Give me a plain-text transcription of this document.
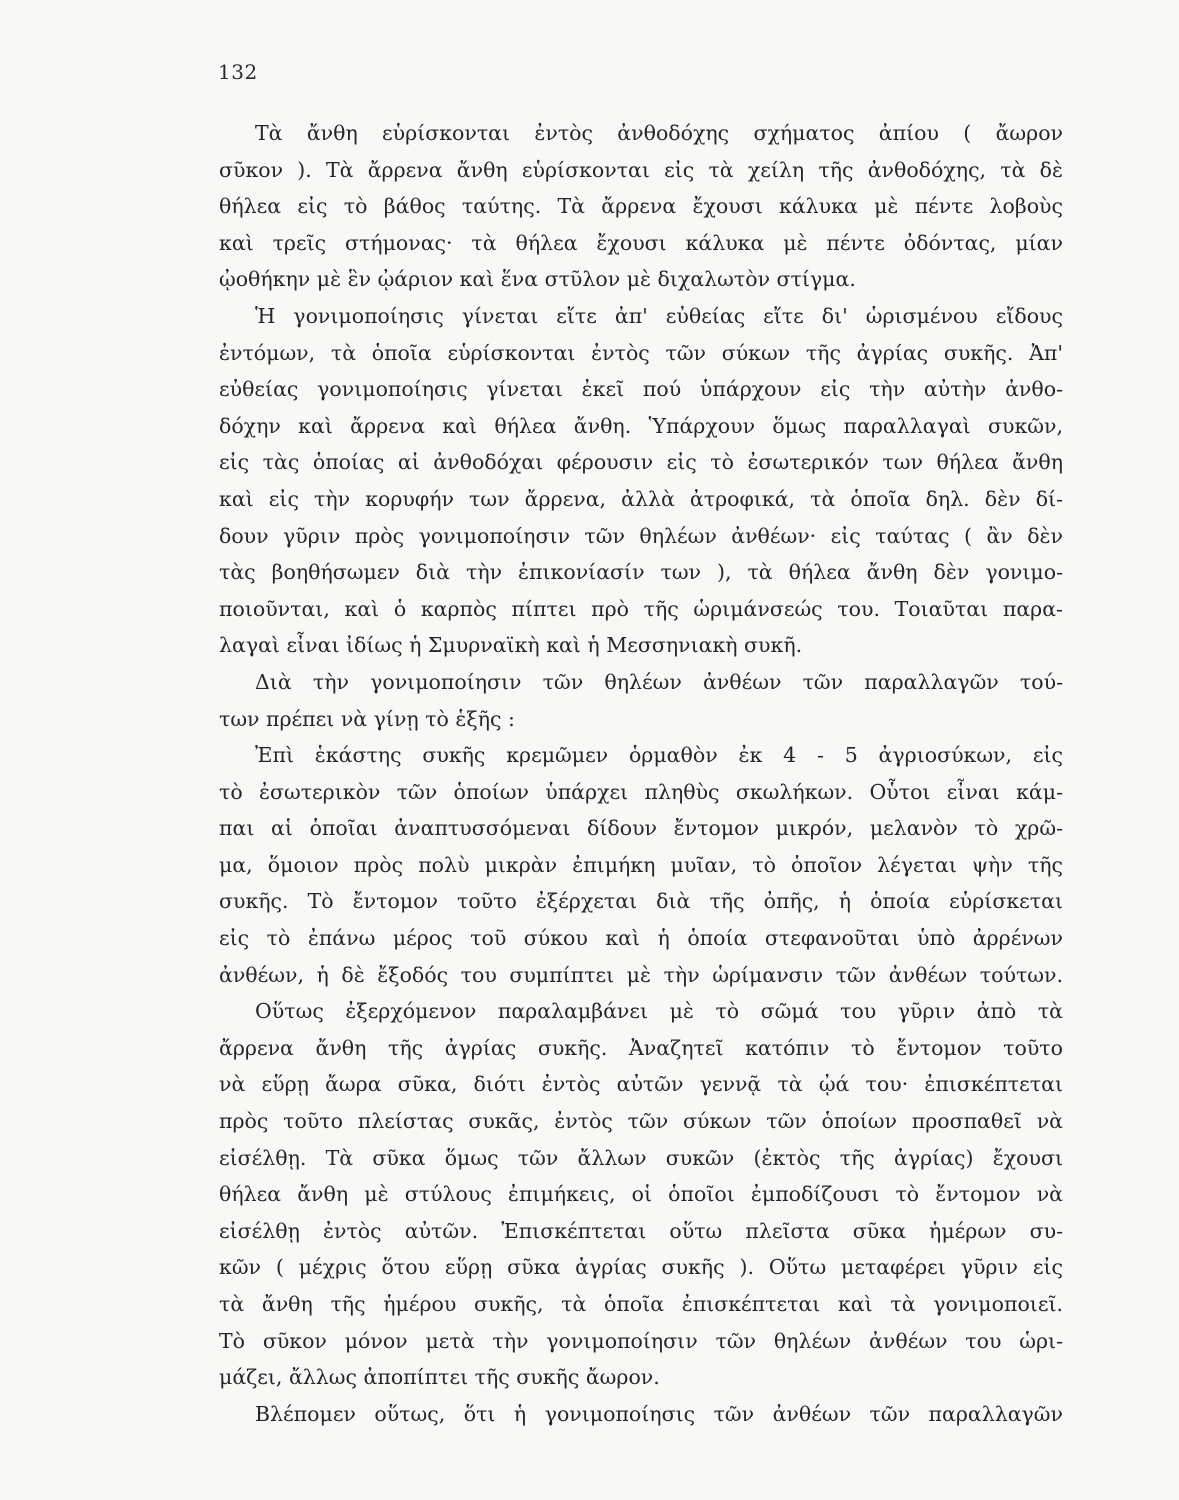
132

Τὰ ἄνθη εὑρίσκονται ἐντὸς ἀνθοδόχης σχήματος ἀπίου ( ἄωρον
σῦκον ). Τὰ ἄρρενα ἄνθη εὑρίσκονται εἰς τὰ χείλη τῆς ἀνθοδόχης, τὰ δὲ
θήλεα εἰς τὸ βάθος ταύτης. Τὰ ἄρρενα ἔχουσι κάλυκα μὲ πέντε λοβοὺς
καὶ τρεῖς στήμονας· τὰ θήλεα ἔχουσι κάλυκα μὲ πέντε ὀδόντας, μίαν
ᾠοθήκην μὲ ἓν ᾠάριον καὶ ἕνα στῦλον μὲ διχαλωτὸν στίγμα.

Ἡ γονιμοποίησις γίνεται εἴτε ἀπ' εὐθείας εἴτε δι' ὡρισμένου εἴδους
ἐντόμων, τὰ ὁποῖα εὑρίσκονται ἐντὸς τῶν σύκων τῆς ἀγρίας συκῆς. Ἀπ'
εὐθείας γονιμοποίησις γίνεται ἐκεῖ πού ὑπάρχουν εἰς τὴν αὐτὴν ἀνθο-
δόχην καὶ ἄρρενα καὶ θήλεα ἄνθη. Ὑπάρχουν ὅμως παραλλαγαὶ συκῶν,
εἰς τὰς ὁποίας αἱ ἀνθοδόχαι φέρουσιν εἰς τὸ ἐσωτερικόν των θήλεα ἄνθη
καὶ εἰς τὴν κορυφήν των ἄρρενα, ἀλλὰ ἀτροφικά, τὰ ὁποῖα δηλ. δὲν δί-
δουν γῦριν πρὸς γονιμοποίησιν τῶν θηλέων ἀνθέων· εἰς ταύτας ( ἂν δὲν
τὰς βοηθήσωμεν διὰ τὴν ἐπικονίασίν των ), τὰ θήλεα ἄνθη δὲν γονιμο-
ποιοῦνται, καὶ ὁ καρπὸς πίπτει πρὸ τῆς ὡριμάνσεώς του. Τοιαῦται παρα-
λαγαὶ εἶναι ἰδίως ἡ Σμυρναϊκὴ καὶ ἡ Μεσσηνιακὴ συκῆ.

Διὰ τὴν γονιμοποίησιν τῶν θηλέων ἀνθέων τῶν παραλλαγῶν τού-
των πρέπει νὰ γίνῃ τὸ ἑξῆς :

Ἐπὶ ἑκάστης συκῆς κρεμῶμεν ὁρμαθὸν ἐκ 4 - 5 ἀγριοσύκων, εἰς
τὸ ἐσωτερικὸν τῶν ὁποίων ὑπάρχει πληθὺς σκωλήκων. Οὗτοι εἶναι κάμ-
παι αἱ ὁποῖαι ἀναπτυσσόμεναι δίδουν ἔντομον μικρόν, μελανὸν τὸ χρῶ-
μα, ὅμοιον πρὸς πολὺ μικρὰν ἐπιμήκη μυῖαν, τὸ ὁποῖον λέγεται ψὴν τῆς
συκῆς. Τὸ ἔντομον τοῦτο ἐξέρχεται διὰ τῆς ὀπῆς, ἡ ὁποία εὑρίσκεται
εἰς τὸ ἐπάνω μέρος τοῦ σύκου καὶ ἡ ὁποία στεφανοῦται ὑπὸ ἀρρένων
ἀνθέων, ἡ δὲ ἔξοδός του συμπίπτει μὲ τὴν ὡρίμανσιν τῶν ἀνθέων τούτων.

Οὕτως ἐξερχόμενον παραλαμβάνει μὲ τὸ σῶμά του γῦριν ἀπὸ τὰ
ἄρρενα ἄνθη τῆς ἀγρίας συκῆς. Ἀναζητεῖ κατόπιν τὸ ἔντομον τοῦτο
νὰ εὕρῃ ἄωρα σῦκα, διότι ἐντὸς αὐτῶν γεννᾷ τὰ ᾠά του· ἐπισκέπτεται
πρὸς τοῦτο πλείστας συκᾶς, ἐντὸς τῶν σύκων τῶν ὁποίων προσπαθεῖ νὰ
εἰσέλθῃ. Τὰ σῦκα ὅμως τῶν ἄλλων συκῶν (ἐκτὸς τῆς ἀγρίας) ἔχουσι
θήλεα ἄνθη μὲ στύλους ἐπιμήκεις, οἱ ὁποῖοι ἐμποδίζουσι τὸ ἔντομον νὰ
εἰσέλθῃ ἐντὸς αὐτῶν. Ἐπισκέπτεται οὕτω πλεῖστα σῦκα ἡμέρων συ-
κῶν ( μέχρις ὅτου εὕρῃ σῦκα ἀγρίας συκῆς ). Οὕτω μεταφέρει γῦριν εἰς
τὰ ἄνθη τῆς ἡμέρου συκῆς, τὰ ὁποῖα ἐπισκέπτεται καὶ τὰ γονιμοποιεῖ.
Τὸ σῦκον μόνον μετὰ τὴν γονιμοποίησιν τῶν θηλέων ἀνθέων του ὡρι-
μάζει, ἄλλως ἀποπίπτει τῆς συκῆς ἄωρον.

Βλέπομεν οὕτως, ὅτι ἡ γονιμοποίησις τῶν ἀνθέων τῶν παραλλαγῶν
